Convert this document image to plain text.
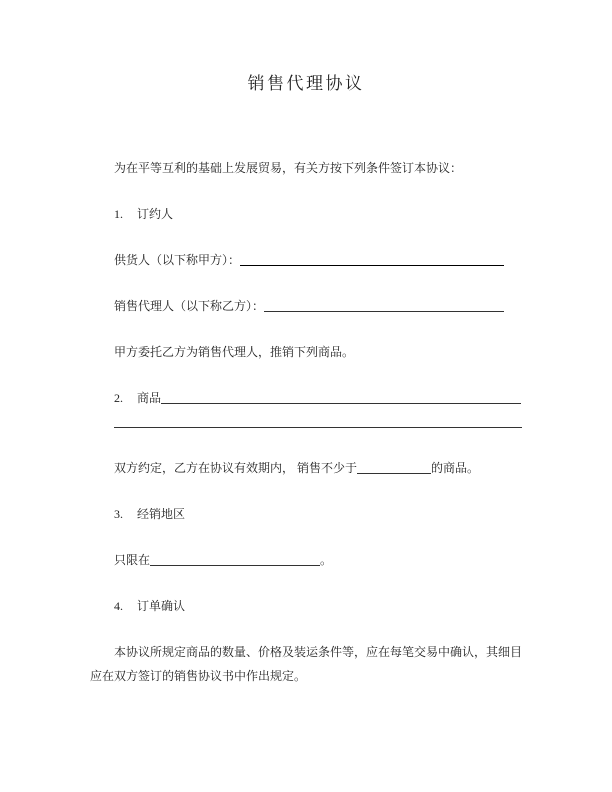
销售代理协议

为在平等互利的基础上发展贸易，有关方按下列条件签订本协议：

1. 订约人

供货人（以下称甲方）：

销售代理人（以下称乙方）：

甲方委托乙方为销售代理人，推销下列商品。

2. 商品

双方约定，乙方在协议有效期内， 销售不少于	的商品。

3. 经销地区

只限在	。

4. 订单确认

本协议所规定商品的数量、价格及装运条件等，应在每笔交易中确认，其细目应在双方签订的销售协议书中作出规定。
